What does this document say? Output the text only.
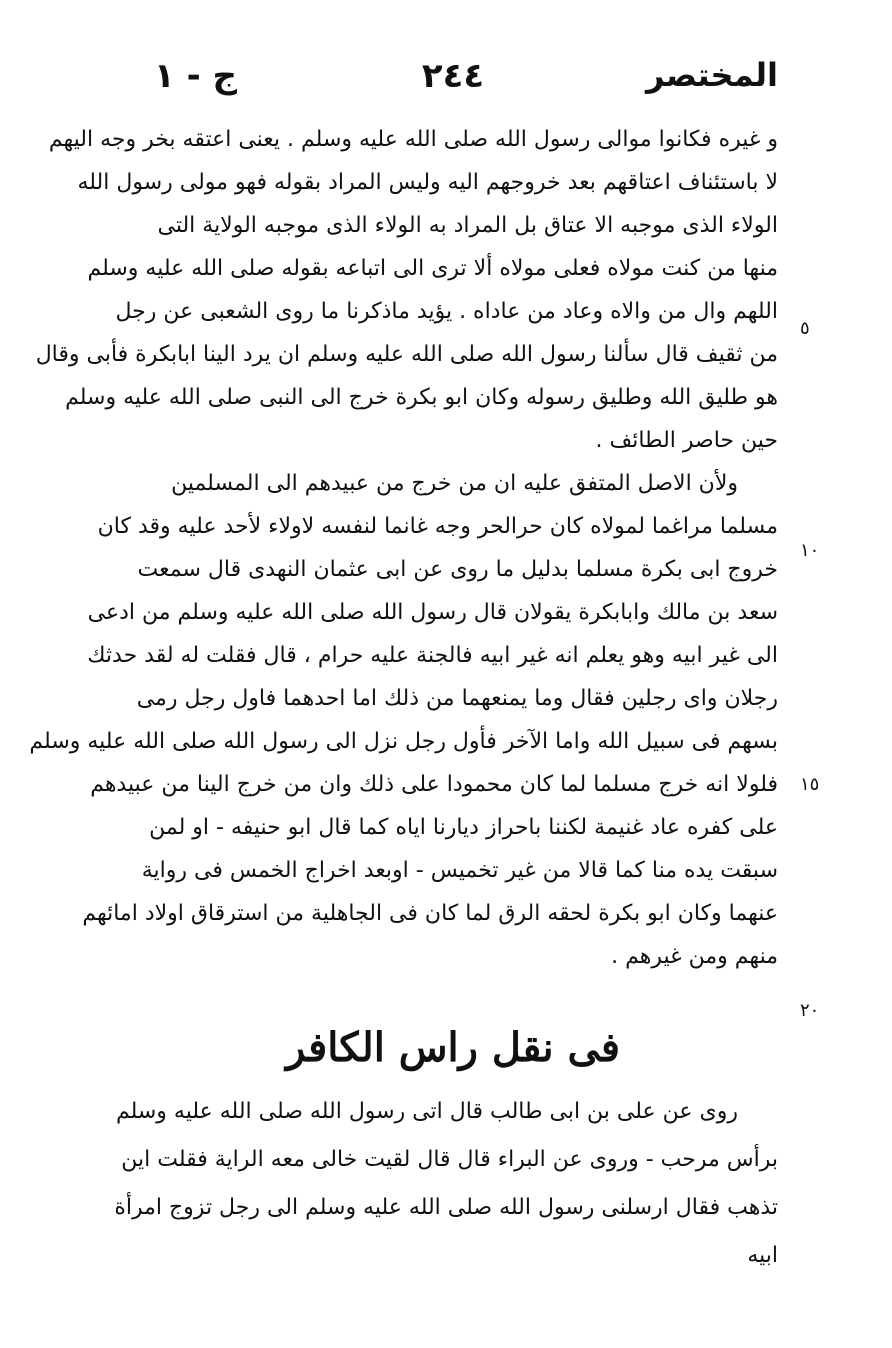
المختصر
٢٤٤
ج - ١
و غيره فكانوا موالى رسول الله صلى الله عليه وسلم . يعنى اعتقه بخر وجه اليهم
لا باستئناف اعتاقهم بعد خروجهم اليه وليس المراد بقوله فهو مولى رسول الله
الولاء الذى موجبه الا عتاق بل المراد به الولاء الذى موجبه الولاية التى
منها من كنت مولاه فعلى مولاه ألا ترى الى اتباعه بقوله صلى الله عليه وسلم
اللهم وال من والاه وعاد من عاداه . يؤيد ماذكرنا ما روى الشعبى عن رجل
من ثقيف قال سألنا رسول الله صلى الله عليه وسلم ان يرد الينا ابابكرة فأبى وقال
هو طليق الله وطليق رسوله وكان ابو بكرة خرج الى النبى صلى الله عليه وسلم
حين حاصر الطائف .
ولأن الاصل المتفق عليه ان من خرج من عبيدهم الى المسلمين
مسلما مراغما لمولاه كان حرالحر وجه غانما لنفسه لاولاء لأحد عليه وقد كان
خروج ابى بكرة مسلما بدليل ما روى عن ابى عثمان النهدى قال سمعت
سعد بن مالك وابابكرة يقولان قال رسول الله صلى الله عليه وسلم من ادعى
الى غير ابيه وهو يعلم انه غير ابيه فالجنة عليه حرام ، قال فقلت له لقد حدثك
رجلان واى رجلين فقال وما يمنعهما من ذلك اما احدهما فاول رجل رمى
بسهم فى سبيل الله واما الآخر فأول رجل نزل الى رسول الله صلى الله عليه وسلم
فلولا انه خرج مسلما لما كان محمودا على ذلك وان من خرج الينا من عبيدهم
على كفره عاد غنيمة لكننا باحراز ديارنا اياه كما قال ابو حنيفه - او لمن
سبقت يده منا كما قالا من غير تخميس - اوبعد اخراج الخمس فى رواية
عنهما وكان ابو بكرة لحقه الرق لما كان فى الجاهلية من استرقاق اولاد امائهم
منهم ومن غيرهم .
فى نقل راس الكافر
روى عن على بن ابى طالب قال اتى رسول الله صلى الله عليه وسلم
برأس مرحب - وروى عن البراء قال قال لقيت خالى معه الراية فقلت اين
تذهب فقال ارسلنى رسول الله صلى الله عليه وسلم الى رجل تزوج امرأة
ابيه
٥
١٠
١٥
٢٠
